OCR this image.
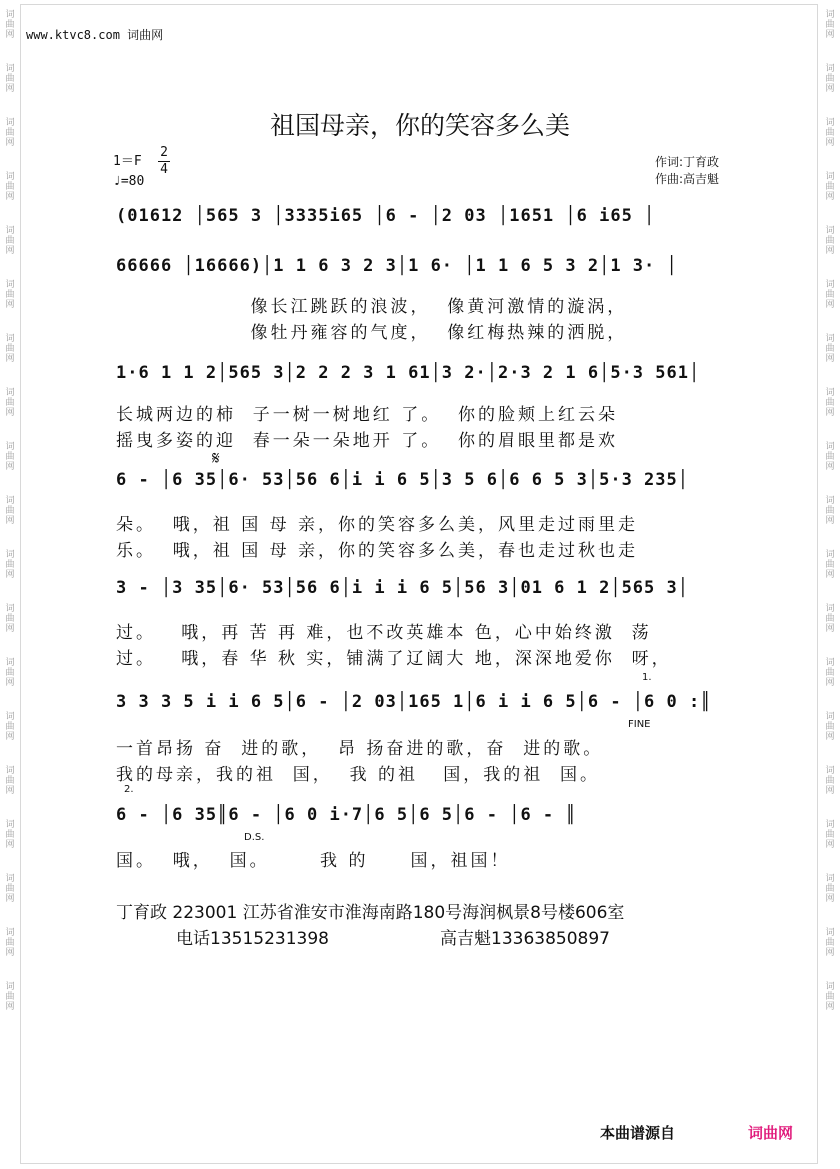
词
曲
网
词
曲
网
词
曲
网
词
曲
网
词
曲
网
词
曲
网
词
曲
网
词
曲
网
词
曲
网
词
曲
网
词
曲
网
词
曲
网
词
曲
网
词
曲
网
词
曲
网
词
曲
网
词
曲
网
词
曲
网
词
曲
网
词
曲
网
词
曲
网
词
曲
网
词
曲
网
词
曲
网
词
曲
网
词
曲
网
词
曲
网
词
曲
网
词
曲
网
词
曲
网
词
曲
网
词
曲
网
词
曲
网
词
曲
网
词
曲
网
词
曲
网
词
曲
网
词
曲
网
www.ktvc8.com 词曲网
祖国母亲，你的笑容多么美
1＝F
2
4
♩=80
作词:丁育政
作曲:高吉魁
(01612 │565 3 │3335i65 │6 - │2 03 │1651 │6 i65 │
66666 │16666)│1 1 6 3 2 3│1 6· │1 1 6 5 3 2│1 3· │
像长江跳跃的浪波，  像黄河激情的漩涡，
像牡丹雍容的气度，  像红梅热辣的洒脱，
1·6 1 1 2│565 3│2 2 2 3 1 61│3 2·│2·3 2 1 6│5·3 561│
长城两边的柿  子一树一树地红 了。  你的脸颊上红云朵
摇曳多姿的迎  春一朵一朵地开 了。  你的眉眼里都是欢
𝄋
6 - │6 35│6· 53│56 6│i i 6 5│3 5 6│6 6 5 3│5·3 235│
朵。  哦，祖 国 母 亲，你的笑容多么美，风里走过雨里走
乐。  哦，祖 国 母 亲，你的笑容多么美，春也走过秋也走
3 - │3 35│6· 53│56 6│i i i 6 5│56 3│01 6 1 2│565 3│
过。   哦，再 苦 再 难，也不改英雄本 色，心中始终激  荡
过。   哦，春 华 秋 实，铺满了辽阔大 地，深深地爱你  呀，
1.
3 3 3 5 i i 6 5│6 - │2 03│165 1│6 i i 6 5│6 - │6 0 :║
FINE
一首昂扬 奋  进的歌，  昂 扬奋进的歌，奋  进的歌。
我的母亲，我的祖  国，  我 的祖   国，我的祖  国。
2.
6 - │6 35║6 - │6 0 i·7│6 5│6 5│6 - │6 - ║
D.S.
国。  哦，  国。      我 的     国，祖国！
丁育政 223001 江苏省淮安市淮海南路180号海润枫景8号楼606室
电话13515231398	高吉魁13363850897
本曲谱源自	词曲网
